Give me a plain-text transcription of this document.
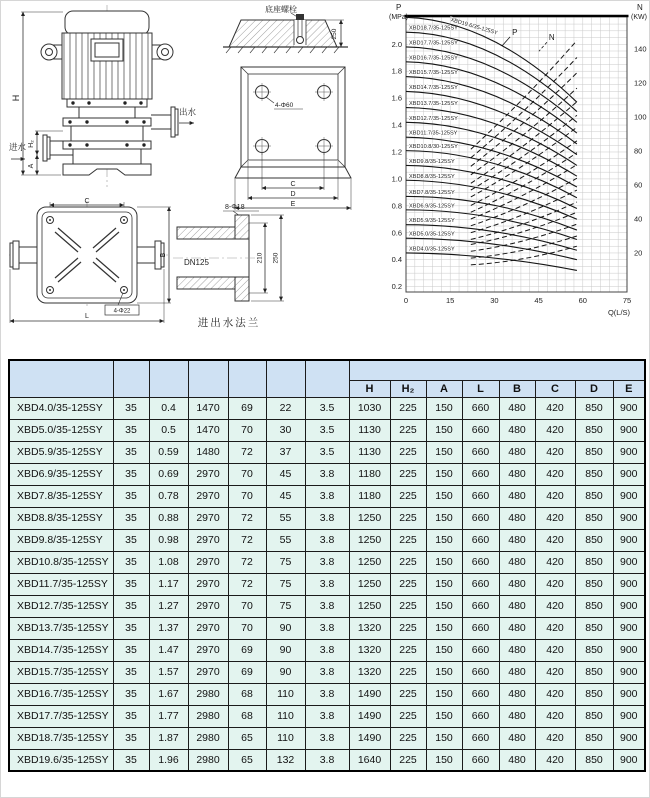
出水
进水
H
H₂
A
底座螺栓
250
4-Φ60
C
D
E
C
B
L
4-Φ22
8-Φ18
DN125	210 250
进出水法兰
0.2
0.4
0.6
0.8
1.0
1.2
1.4
1.6
1.8
2.0
20
40
60
80
100
120
140
0	15	30	45	60	75
P
(MPa)
N
(KW)
Q(L/S)
XBD4.0/35-125SY
XBD5.0/35-125SY
XBD5.9/35-125SY
XBD6.9/35-125SY
XBD7.8/35-125SY
XBD8.8/35-125SY
XBD9.8/35-125SY
XBD10.8/30-125SY
XBD11.7/35-125SY
XBD12.7/35-125SY
XBD13.7/35-125SY
XBD14.7/35-125SY
XBD15.7/35-125SY
XBD16.7/35-125SY
XBD17.7/35-125SY
XBD18.7/35-125SY
XBD19.6/35-125SY P
N

							H	H₂	A	L	B	C	D	E
XBD4.0/35-125SY	35	0.4	1470	69	22	3.5	1030	225	150	660	480	420	850	900
XBD5.0/35-125SY	35	0.5	1470	70	30	3.5	1130	225	150	660	480	420	850	900
XBD5.9/35-125SY	35	0.59	1480	72	37	3.5	1130	225	150	660	480	420	850	900
XBD6.9/35-125SY	35	0.69	2970	70	45	3.8	1180	225	150	660	480	420	850	900
XBD7.8/35-125SY	35	0.78	2970	70	45	3.8	1180	225	150	660	480	420	850	900
XBD8.8/35-125SY	35	0.88	2970	72	55	3.8	1250	225	150	660	480	420	850	900
XBD9.8/35-125SY	35	0.98	2970	72	55	3.8	1250	225	150	660	480	420	850	900
XBD10.8/35-125SY	35	1.08	2970	72	75	3.8	1250	225	150	660	480	420	850	900
XBD11.7/35-125SY	35	1.17	2970	72	75	3.8	1250	225	150	660	480	420	850	900
XBD12.7/35-125SY	35	1.27	2970	70	75	3.8	1250	225	150	660	480	420	850	900
XBD13.7/35-125SY	35	1.37	2970	70	90	3.8	1320	225	150	660	480	420	850	900
XBD14.7/35-125SY	35	1.47	2970	69	90	3.8	1320	225	150	660	480	420	850	900
XBD15.7/35-125SY	35	1.57	2970	69	90	3.8	1320	225	150	660	480	420	850	900
XBD16.7/35-125SY	35	1.67	2980	68	110	3.8	1490	225	150	660	480	420	850	900
XBD17.7/35-125SY	35	1.77	2980	68	110	3.8	1490	225	150	660	480	420	850	900
XBD18.7/35-125SY	35	1.87	2980	65	110	3.8	1490	225	150	660	480	420	850	900
XBD19.6/35-125SY	35	1.96	2980	65	132	3.8	1640	225	150	660	480	420	850	900
